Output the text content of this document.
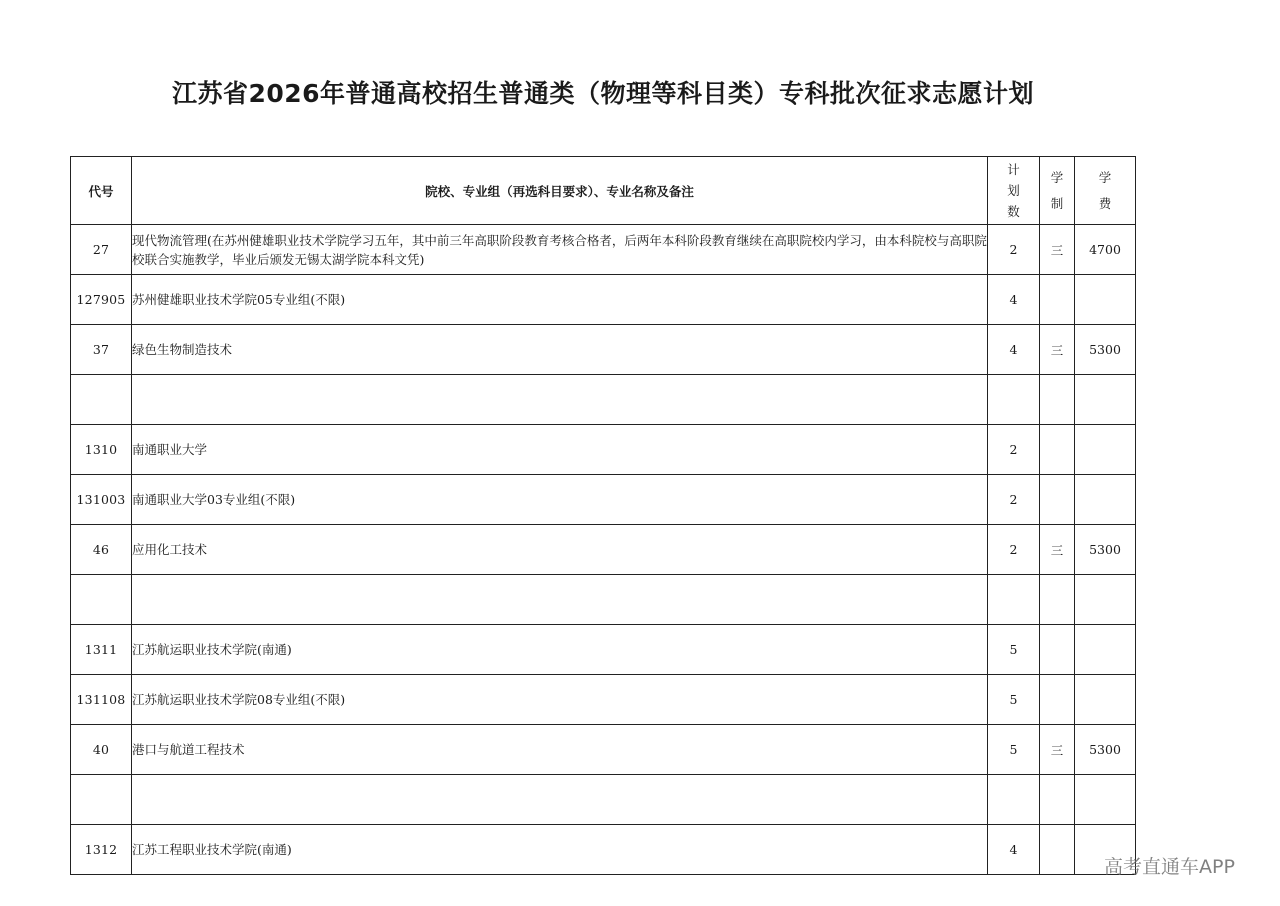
江苏省2026年普通高校招生普通类（物理等科目类）专科批次征求志愿计划
代号	院校、专业组（再选科目要求）、专业名称及备注	计划数	学制	学费

27	现代物流管理(在苏州健雄职业技术学院学习五年，其中前三年高职阶段教育考核合格者，后两年本科阶段教育继续在高职院校内学习，由本科院校与高职院校联合实施教学，毕业后颁发无锡太湖学院本科文凭)	2	三	4700
127905	苏州健雄职业技术学院05专业组(不限)	4		
37	绿色生物制造技术	4	三	5300

1310	南通职业大学	2		
131003	南通职业大学03专业组(不限)	2		
46	应用化工技术	2	三	5300

1311	江苏航运职业技术学院(南通)	5		
131108	江苏航运职业技术学院08专业组(不限)	5		
40	港口与航道工程技术	5	三	5300

1312	江苏工程职业技术学院(南通)	4		
高考直通车APP
